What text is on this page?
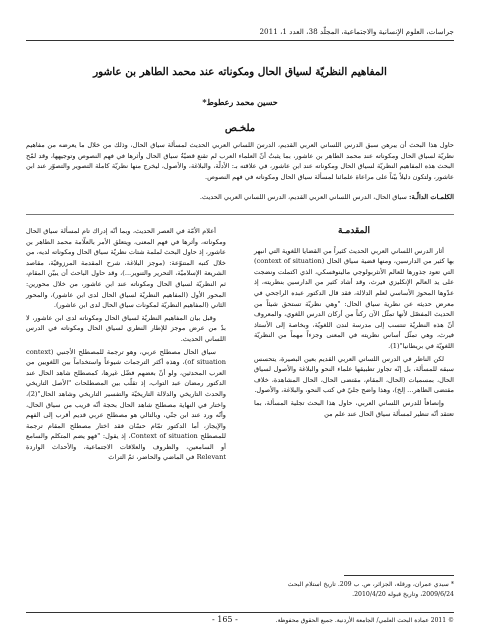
جراسات، العلوم الإنسانية والاجتماعية، المجلّد 38، العدد 1، 2011
المفاهيم النظريّة لسياق الحال ومكوناته عند محمد الطاهر بن عاشور
حسين محمد رعطوط*
ملخـص
حاول هذا البحث أن يبرهن سبق الدرس اللساني العربي القديم، الدرسَ اللساني العربي الحديث لمسألة سياق الحال، وذلك من خلال ما يعرضه من مفاهيم نظريّة لسياق الحال ومكوناته عند محمد الطاهر بن عاشور، بما يثبتُ أنّ العلماء العرب لم تقنع قضيّةُ سياق الحال وأثرها في فهم النصوص وتوجيهها، وقد لمّح البحث هذه المفاهيم النظريّة لسياق الحال ومكوناته عند ابن عاشور، في علاقته بـ: الأدلّة، والبلاغة، والأصول، ليخرج منها نظريّة كاملة التصوير والتصوّر عند ابن عاشور، ولتكون دليلاً بيّناً على مراعاة علمائنا لمسألة سياق الحال ومكوناته في فهم النصوص.
الكلمـات الدالّـة: سياق الحال، الدرس اللساني العربي القديم، الدرس اللساني العربي الحديث.
المقدمـة

أثار الدرس اللساني العربي الحديث كثيراً من القضايا اللغوية التي انبهر بها كثير من الدارسين، ومنها قضية سياق الحال (context of situation) التي تعود جذورها للعالم الأنثربولوجي مالينوفسكي، الذي اكتملت ونضجت على يد العالم الإنكليزي فيرث، وقد أشاد كثير من الدارسين بنظريته، إذ عدّوها المحورَ الأساسي لعلم الدلالة، فقد قال الدكتور عبده الراجحي في معرض حديثه عن نظرية سياق الحال: "وهي نظريّة تستحق شيئاً من الحديث المفصّل لأنها تمثّل الآن ركناً من أركان الدرس اللغوي، والمعروف أنّ هذه النظريّة تنتسب إلى مدرسة لندن اللغويّة، وبخاصة إلى الأستاذ فيرث، وهي تمثّل أساس نظريته في المعنى وجزءاً مهماً من النظريّة اللغويّة في بريطانيا"(1).

لكن الناظر في الدرس اللساني العربي القديم بعين البصيرة، يتحسس سبقه للمسألة، بل إنّه تجاوز تطبيقها علماء النحو والبلاغة والأصول لسياق الحال، بمسميات (الحال، المقام، مقتضى الحال، الحال المشاهدة، خلاف مقتضى الظاهر... إلخ)، وهذا واضح جليّ في كتب النحو، والبلاغة، والأصول.

وإنصافاً للدرس اللساني العربي، حاول هذا البحث تجلية المسألة، بما تعتقد أنّه تنظير لمسألة سياق الحال عند علم من

أعلام الأمّة في العصر الحديث، وبما أنّه إدراك تام لمسألة سياق الحال ومكوناته، وأثرها في فهم المعنى، ويتعلق الأمر بالعلّامة محمد الطاهر بن عاشور، إذ حاول البحث لملمة شتات نظريّة سياق الحال ومكوناته لديه، من خلال كتبه المتنوّعة: (موجز البلاغة، شرح المقدمة المرزوقيّة، مقاصد الشريعة الإسلاميّة، التحرير والتنوير...)، وقد حاول الباحث أن يبيّن المقام، ثم النظريّة لسياق الحال ومكوناته عند ابن عاشور، من خلال محورين: المحور الأول (المفاهيم النظريّة لسياق الحال لدى ابن عاشور)، والمحور الثاني (المفاهيم النظريّة لمكونات سياق الحال لدى ابن عاشور).

وقبل بيان المفاهيم النظريّة لسياق الحال ومكوناته لدى ابن عاشور، لا بدّ من عرض موجز للإطار النظري لسياق الحال ومكوناته في الدرس اللساني الحديث.

سياق الحال مصطلح عربي، وهو ترجمة للمصطلح الأجنبي (context of situation)، وهذه أكثر الترجمات شيوعاً واستخداماً بين اللغويين من العرب المحدثين، ولو أنّ بعضهم فضّل غيرها، كمصطلح شاهد الحال عند الدكتور رمضان عبد التواب، إذ تقلّب بين المصطلحات "الأصل التاريخي والحدث التاريخي والدلالة التاريخيّة والتفسير التاريخي وشاهد الحال"(2)، واختار في النهاية مصطلح شاهد الحال بحجة أنّه قريب من سياق الحال، وأنّه ورد عند ابن جنّي، وبالتالي هو مصطلح عربي قديم أقرب إلى الفهم والإيجاز، أما الدكتور تمّام حسّان فقد اختار مصطلح المقام ترجمة للمصطلح Context of situation، إذ يقول: "فهو يضم المتكلم والسامع أو السامعين، والظروف والعلاقات الاجتماعية، والأحداث الواردة Relevant في الماضي والحاضر، ثمّ التراث

* سيدي عمران، ورقلة، الجزائر، ص. ب 209. تاريخ استلام البحث 2009/6/24، وتاريخ قبوله 2010/4/20.
© 2011 عمادة البحث العلمي/ الجامعة الأردنية. جميع الحقوق محفوظة.
- 165 -
